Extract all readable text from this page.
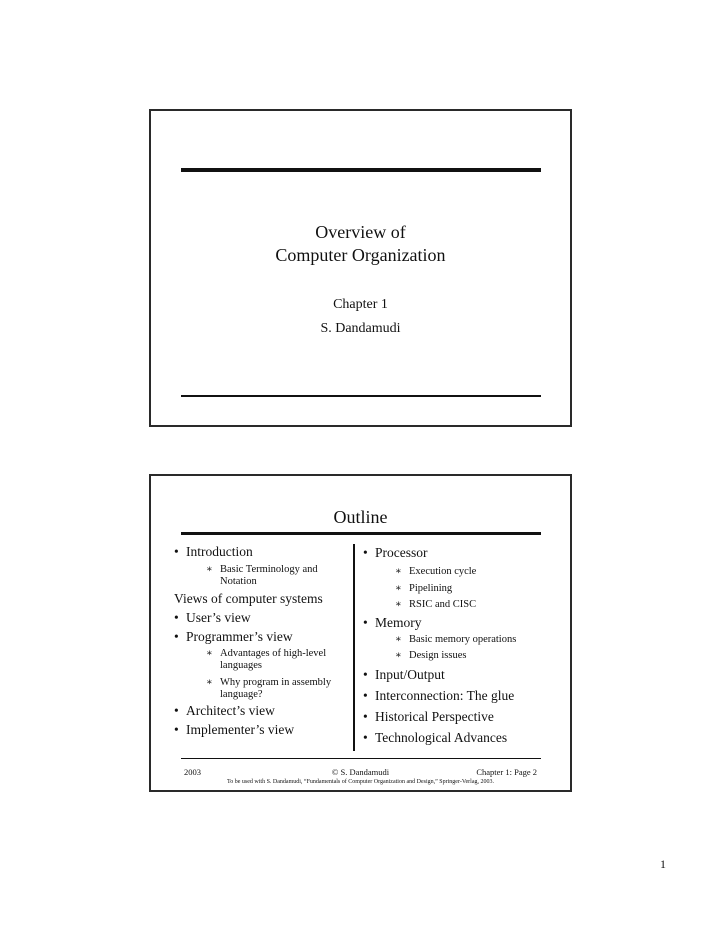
Overview of
Computer Organization
Chapter 1
S. Dandamudi
Outline
• Introduction
∗ Basic Terminology and Notation
Views of computer systems
• User’s view
• Programmer’s view
∗ Advantages of high-level languages
∗ Why program in assembly language?
• Architect’s view
• Implementer’s view
• Processor
∗ Execution cycle
∗ Pipelining
∗ RSIC and CISC
• Memory
∗ Basic memory operations
∗ Design issues
• Input/Output
• Interconnection: The glue
• Historical Perspective
• Technological Advances
2003	© S. Dandamudi	Chapter 1: Page 2
To be used with S. Dandamudi, “Fundamentals of Computer Organization and Design,” Springer-Verlag, 2003.
1
